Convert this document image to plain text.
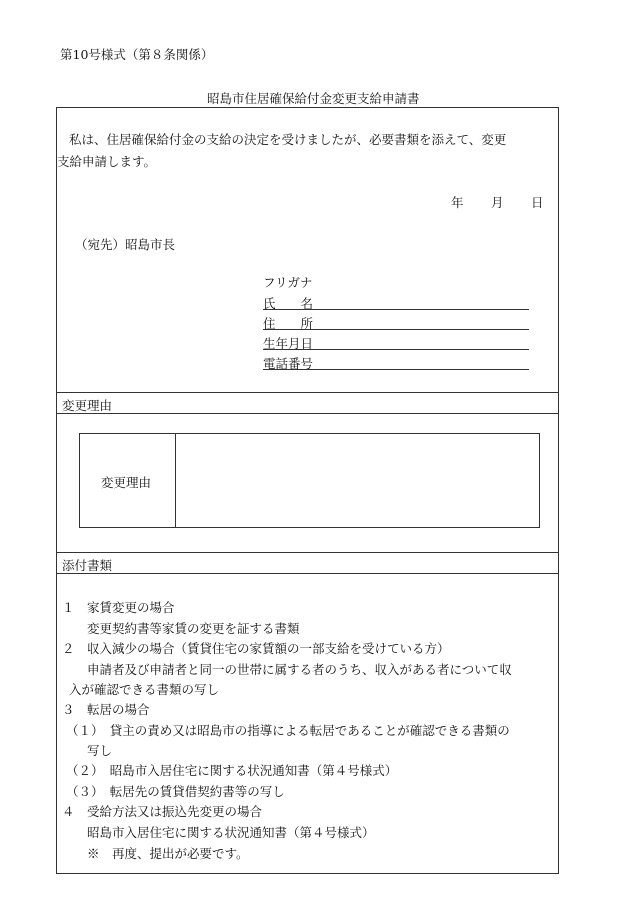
第10号様式（第８条関係）
昭島市住居確保給付金変更支給申請書
私は、住居確保給付金の支給の決定を受けましたが、必要書類を添えて、変更
支給申請します。
年 月 日
（宛先）昭島市長
フリガナ
氏　　名
住　　所
生年月日
電話番号
変更理由
変更理由
添付書類
１　家賃変更の場合
変更契約書等家賃の変更を証する書類
２　収入減少の場合（賃貸住宅の家賃額の一部支給を受けている方）
申請者及び申請者と同一の世帯に属する者のうち、収入がある者について収
入が確認できる書類の写し
３　転居の場合
（１）　貸主の責め又は昭島市の指導による転居であることが確認できる書類の
写し
（２）　昭島市入居住宅に関する状況通知書（第４号様式）
（３）　転居先の賃貸借契約書等の写し
４　受給方法又は振込先変更の場合
昭島市入居住宅に関する状況通知書（第４号様式）
※　再度、提出が必要です。
